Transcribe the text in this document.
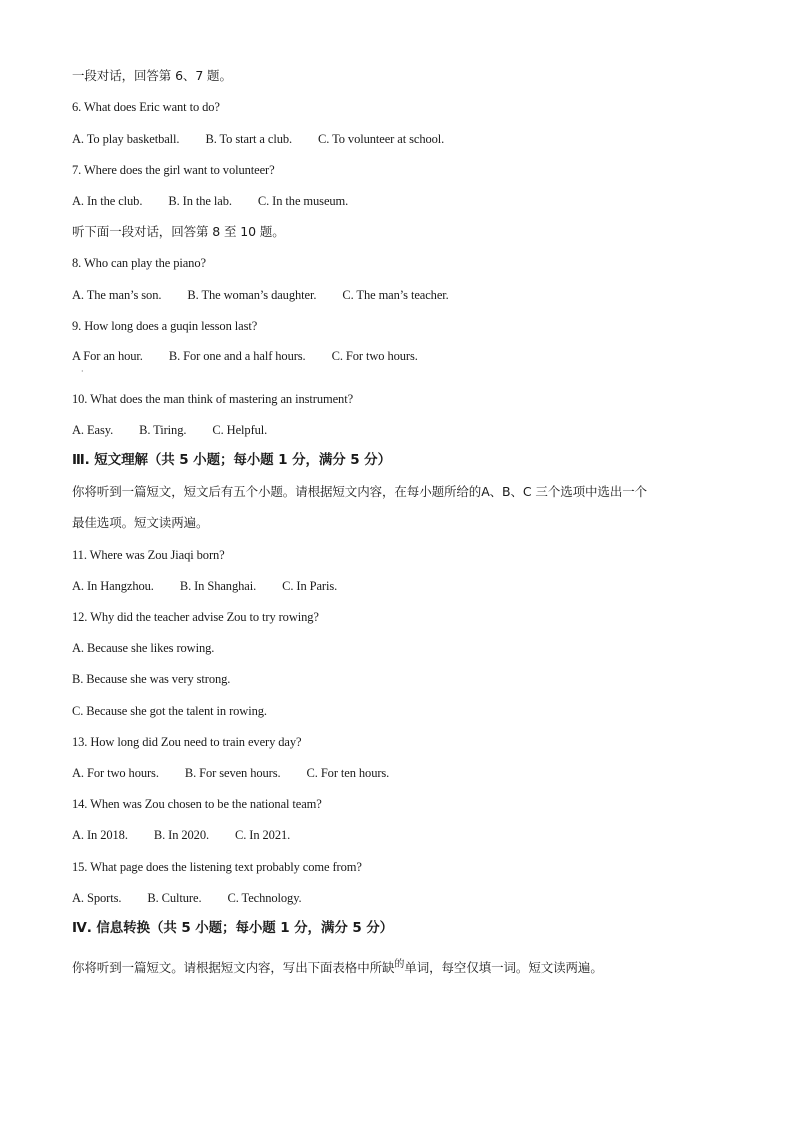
一段对话，回答第 6、7 题。
6. What does Eric want to do?
A. To play basketball. B. To start a club. C. To volunteer at school.
7. Where does the girl want to volunteer?
A. In the club. B. In the lab. C. In the museum.
听下面一段对话，回答第 8 至 10 题。
8. Who can play the piano?
A. The man’s son. B. The woman’s daughter. C. The man’s teacher.
9. How long does a guqin lesson last?
A For an hour. B. For one and a half hours. C. For two hours.
·
10. What does the man think of mastering an instrument?
A. Easy. B. Tiring. C. Helpful.
Ⅲ. 短文理解（共 5 小题；每小题 1 分，满分 5 分）
你将听到一篇短文，短文后有五个小题。请根据短文内容，在每小题所给的A、B、C 三个选项中选出一个
最佳选项。短文读两遍。
11. Where was Zou Jiaqi born?
A. In Hangzhou. B. In Shanghai. C. In Paris.
12. Why did the teacher advise Zou to try rowing?
A. Because she likes rowing.
B. Because she was very strong.
C. Because she got the talent in rowing.
13. How long did Zou need to train every day?
A. For two hours. B. For seven hours. C. For ten hours.
14. When was Zou chosen to be the national team?
A. In 2018. B. In 2020. C. In 2021.
15. What page does the listening text probably come from?
A. Sports. B. Culture. C. Technology.
Ⅳ. 信息转换（共 5 小题；每小题 1 分，满分 5 分）
你将听到一篇短文。请根据短文内容，写出下面表格中所缺$^的$单词，每空仅填一词。短文读两遍。
